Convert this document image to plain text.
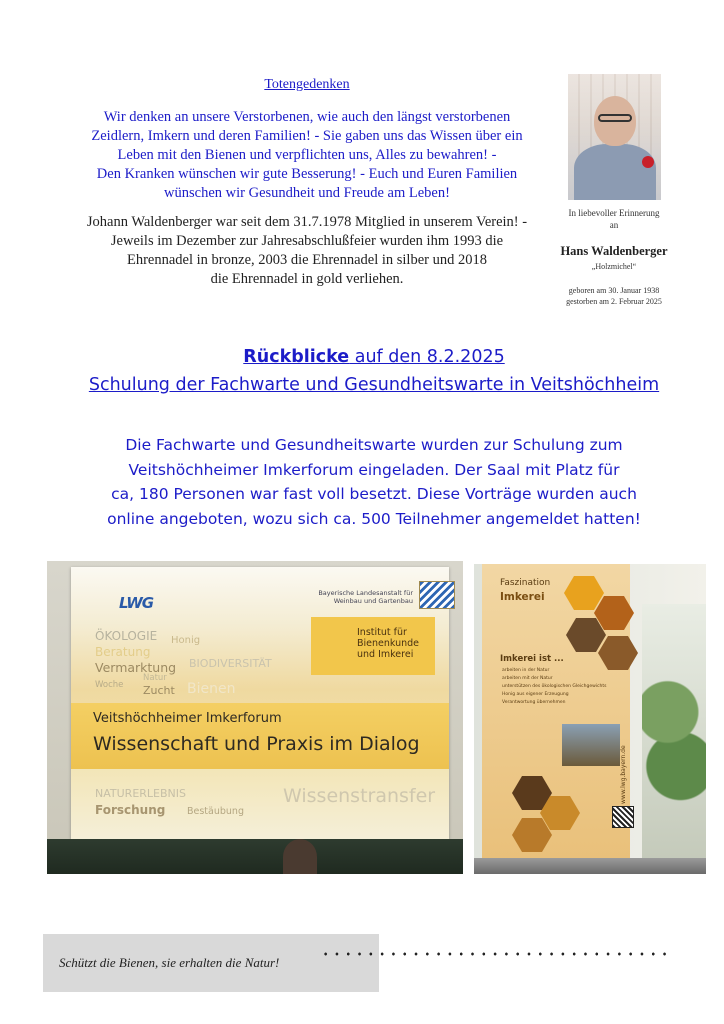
Totengedenken

Wir denken an unsere Verstorbenen, wie auch den längst verstorbenen
Zeidlern, Imkern und deren Familien! - Sie gaben uns das Wissen über ein
Leben mit den Bienen und verpflichten uns, Alles zu bewahren! -
Den Kranken wünschen wir gute Besserung! - Euch und Euren Familien
wünschen wir Gesundheit und Freude am Leben!

Johann Waldenberger war seit dem 31.7.1978 Mitglied in unserem Verein! -
Jeweils im Dezember zur Jahresabschlußfeier wurden ihm 1993 die
Ehrennadel in bronze, 2003 die Ehrennadel in silber und 2018
die Ehrennadel in gold verliehen.

In liebevoller Erinnerung
an
Hans Waldenberger
„Holzmichel“
geboren am 30. Januar 1938
gestorben am 2. Februar 2025
Rückblicke auf den 8.2.2025
Schulung der Fachwarte und Gesundheitswarte in Veitshöchheim

Die Fachwarte und Gesundheitswarte wurden zur Schulung zum
Veitshöchheimer Imkerforum eingeladen. Der Saal mit Platz für
ca, 180 Personen war fast voll besetzt. Diese Vorträge wurden auch
online angeboten, wozu sich ca. 500 Teilnehmer angemeldet hatten!

LWG
Bayerische Landesanstalt für Weinbau und Gartenbau
Institut für Bienenkunde und Imkerei
ÖKOLOGIE Honig
Beratung
Vermarktung BIODIVERSITÄT
Woche
Natur
Zucht Bienen
NATURERLEBNIS
Forschung Bestäubung
Wissenstransfer
Veitshöchheimer Imkerforum
Wissenschaft und Praxis im Dialog
Faszination
Imkerei
Imkerei ist ...
arbeiten in der Natur
arbeiten mit der Natur
unterstützen des ökologischen Gleichgewichts
Honig aus eigener Erzeugung
Verantwortung übernehmen
www.lwg.bayern.de
Schützt die Bienen, sie erhalten die Natur!
